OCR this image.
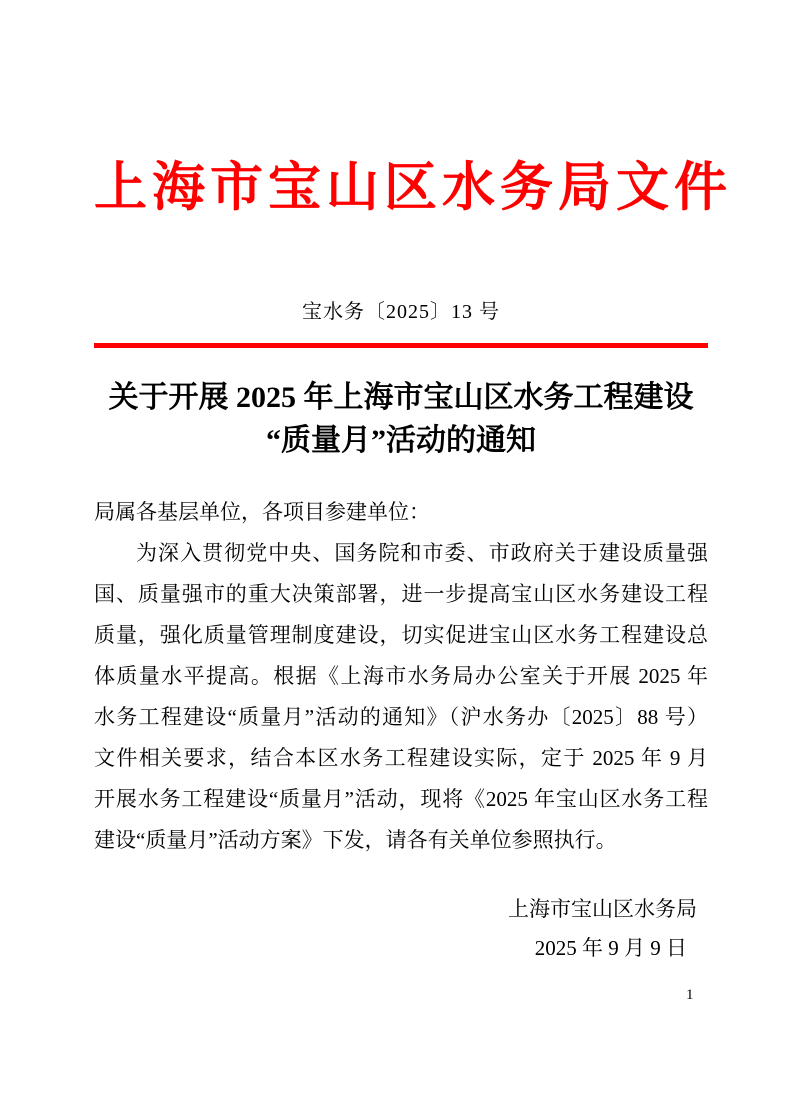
上海市宝山区水务局文件
宝水务〔2025〕13 号
关于开展 2025 年上海市宝山区水务工程建设
“质量月”活动的通知
局属各基层单位，各项目参建单位：
为深入贯彻党中央、国务院和市委、市政府关于建设质量强
国、质量强市的重大决策部署，进一步提高宝山区水务建设工程
质量，强化质量管理制度建设，切实促进宝山区水务工程建设总
体质量水平提高。根据《上海市水务局办公室关于开展 2025 年
水务工程建设“质量月”活动的通知》（沪水务办〔2025〕88 号）
文件相关要求，结合本区水务工程建设实际，定于 2025 年 9 月
开展水务工程建设“质量月”活动，现将《2025 年宝山区水务工程
建设“质量月”活动方案》下发，请各有关单位参照执行。
上海市宝山区水务局
2025 年 9 月 9 日
1
